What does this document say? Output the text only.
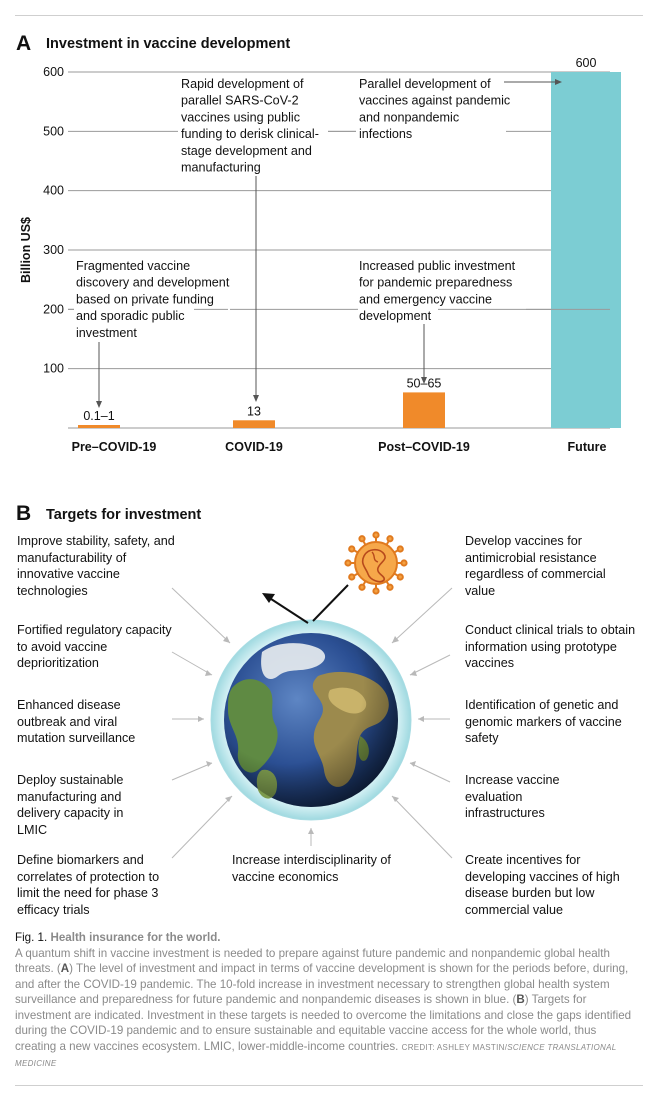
A Investment in vaccine development
Fragmented vaccine
discovery and development
based on private funding
and sporadic public
investment
Rapid development of
parallel SARS-CoV-2
vaccines using public
funding to derisk clinical-
stage development and
manufacturing
Increased public investment
for pandemic preparedness
and emergency vaccine
development
Parallel development of
vaccines against pandemic
and nonpandemic
infections
100
200
300
400
500
600
Billion US$
0.1–1
Pre–COVID-19
13
COVID-19
50–65
Post–COVID-19
600
Future
B Targets for investment

Improve stability, safety, and manufacturability of innovative vaccine technologies

Fortified regulatory capacity to avoid vaccine deprioritization

Enhanced disease outbreak and viral mutation surveillance

Deploy sustainable manufacturing and delivery capacity in LMIC

Define biomarkers and correlates of protection to limit the need for phase 3 efficacy trials

Increase interdisciplinarity of vaccine economics

Develop vaccines for antimicrobial resistance regardless of commercial value

Conduct clinical trials to obtain information using prototype vaccines

Identification of genetic and genomic markers of vaccine safety

Increase vaccine evaluation infrastructures

Create incentives for developing vaccines of high disease burden but low commercial value

Fig. 1. Health insurance for the world.
A quantum shift in vaccine investment is needed to prepare against future pandemic and nonpandemic global health threats. (A) The level of investment and impact in terms of vaccine development is shown for the periods before, during, and after the COVID-19 pandemic. The 10-fold increase in investment necessary to strengthen global health system surveillance and preparedness for future pandemic and nonpandemic diseases is shown in blue. (B) Targets for investment are indicated. Investment in these targets is needed to overcome the limitations and close the gaps identified during the COVID-19 pandemic and to ensure sustainable and equitable vaccine access for the whole world, thus creating a new vaccines ecosystem. LMIC, lower-middle-income countries. CREDIT: ASHLEY MASTIN/SCIENCE TRANSLATIONAL MEDICINE
